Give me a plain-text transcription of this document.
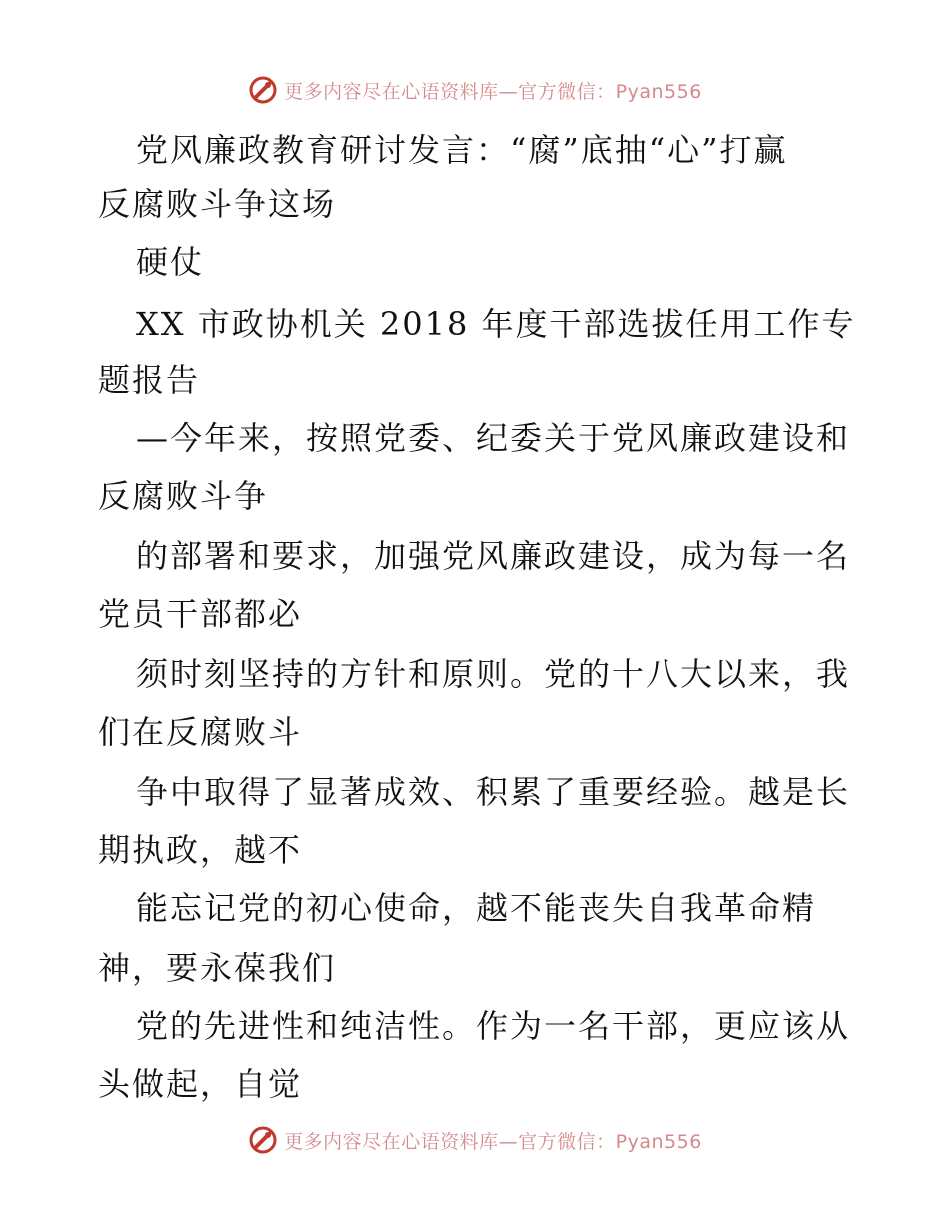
更多内容尽在心语资料库—官方微信：Pyan556
党风廉政教育研讨发言：“腐”底抽“心”打赢
反腐败斗争这场
硬仗
XX 市政协机关 2018 年度干部选拔任用工作专
题报告
—今年来，按照党委、纪委关于党风廉政建设和
反腐败斗争
的部署和要求，加强党风廉政建设，成为每一名
党员干部都必
须时刻坚持的方针和原则。党的十八大以来，我
们在反腐败斗
争中取得了显著成效、积累了重要经验。越是长
期执政，越不
能忘记党的初心使命，越不能丧失自我革命精
神，要永葆我们
党的先进性和纯洁性。作为一名干部，更应该从
头做起，自觉
更多内容尽在心语资料库—官方微信：Pyan556
